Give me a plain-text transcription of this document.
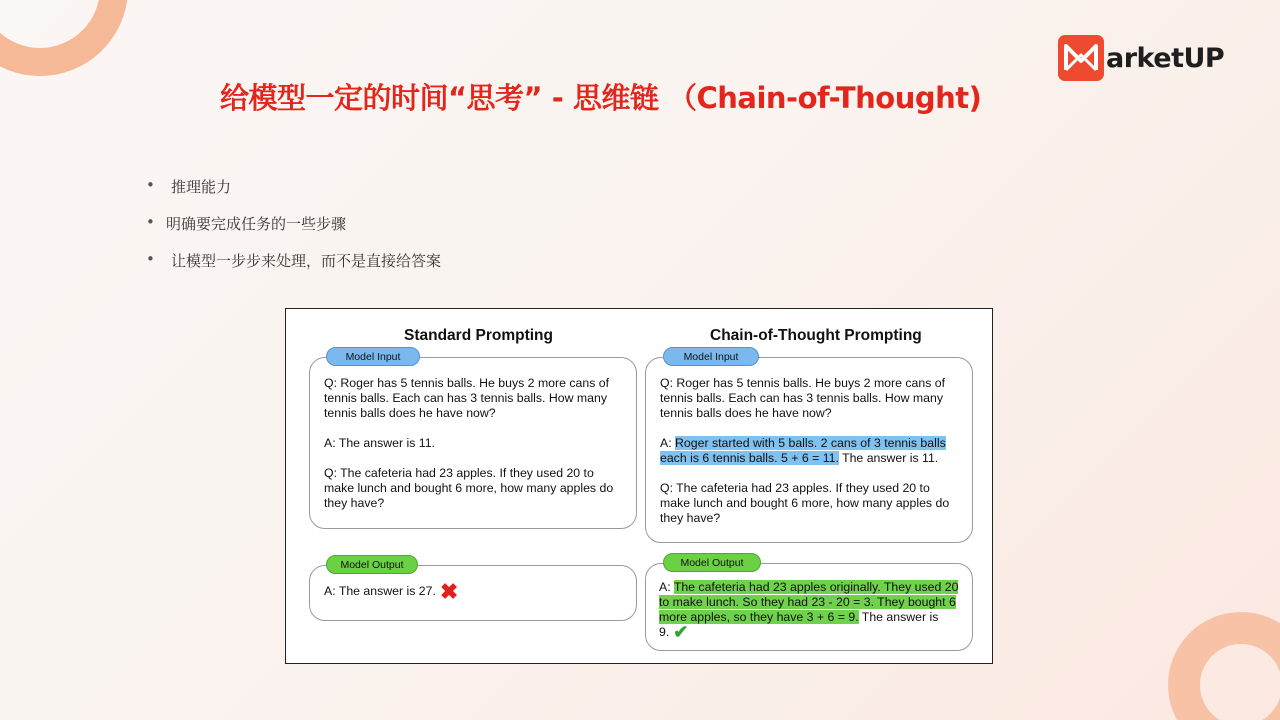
arketUP
给模型一定的时间“思考” - 思维链 （Chain-of-Thought)
•	推理能力
• 明确要完成任务的一些步骤
•	让模型一步步来处理，而不是直接给答案
Standard Prompting

Q: Roger has 5 tennis balls. He buys 2 more cans of tennis balls. Each can has 3 tennis balls. How many tennis balls does he have now?

A: The answer is 11.

Q: The cafeteria had 23 apples. If they used 20 to make lunch and bought 6 more, how many apples do they have?

Model Input
A: The answer is 27. ✖
Model Output
Chain-of-Thought Prompting

Q: Roger has 5 tennis balls. He buys 2 more cans of tennis balls. Each can has 3 tennis balls. How many tennis balls does he have now?

A: Roger started with 5 balls. 2 cans of 3 tennis balls each is 6 tennis balls. 5 + 6 = 11. The answer is 11.

Q: The cafeteria had 23 apples. If they used 20 to make lunch and bought 6 more, how many apples do they have?

Model Input
A: The cafeteria had 23 apples originally. They used 20 to make lunch. So they had 23 - 20 = 3. They bought 6 more apples, so they have 3 + 6 = 9. The answer is 9. ✔
Model Output
